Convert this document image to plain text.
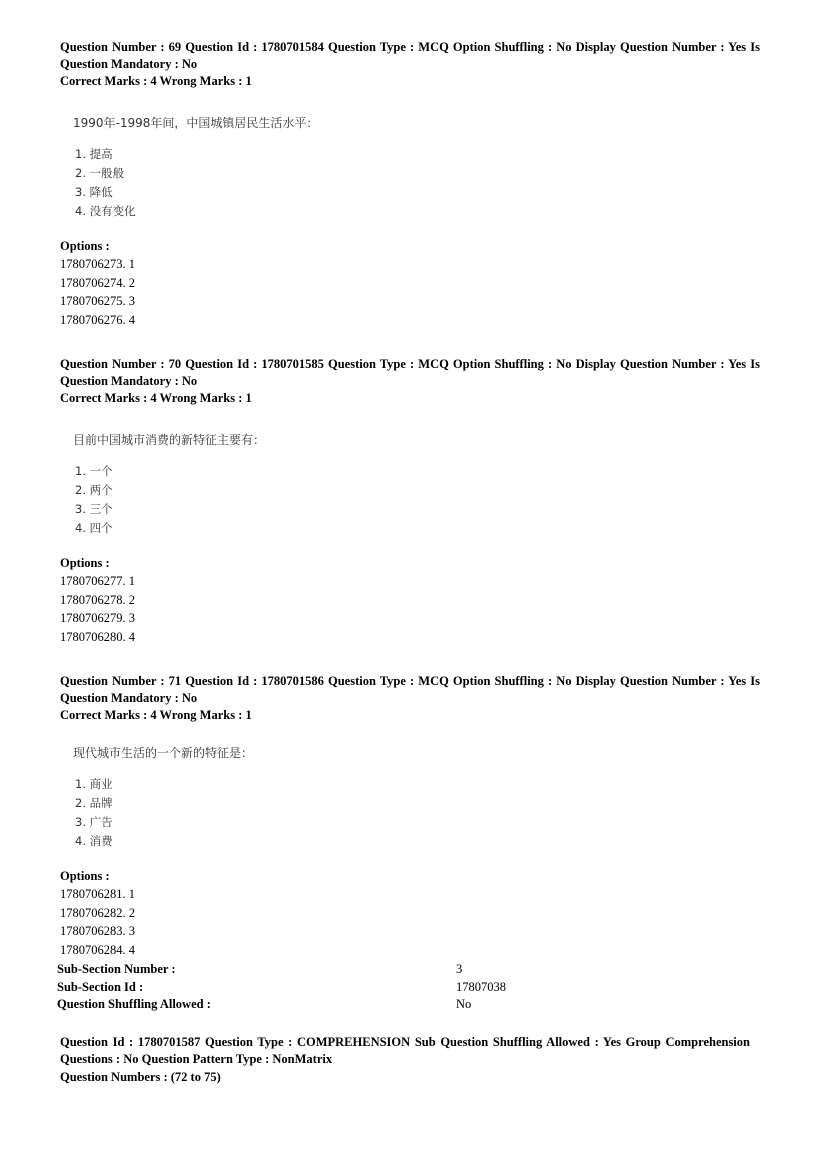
Question Number : 69 Question Id : 1780701584 Question Type : MCQ Option Shuffling : No Display Question Number : Yes Is Question Mandatory : No
Correct Marks : 4 Wrong Marks : 1
1990年-1998年间，中国城镇居民生活水平：
1. 提高
2. 一般般
3. 降低
4. 没有变化
Options :
1780706273. 1
1780706274. 2
1780706275. 3
1780706276. 4
Question Number : 70 Question Id : 1780701585 Question Type : MCQ Option Shuffling : No Display Question Number : Yes Is Question Mandatory : No
Correct Marks : 4 Wrong Marks : 1
目前中国城市消费的新特征主要有：
1. 一个
2. 两个
3. 三个
4. 四个
Options :
1780706277. 1
1780706278. 2
1780706279. 3
1780706280. 4
Question Number : 71 Question Id : 1780701586 Question Type : MCQ Option Shuffling : No Display Question Number : Yes Is Question Mandatory : No
Correct Marks : 4 Wrong Marks : 1
现代城市生活的一个新的特征是：
1. 商业
2. 品牌
3. 广告
4. 消费
Options :
1780706281. 1
1780706282. 2
1780706283. 3
1780706284. 4
Sub-Section Number :	3
Sub-Section Id :	17807038
Question Shuffling Allowed :	No
Question Id : 1780701587 Question Type : COMPREHENSION Sub Question Shuffling Allowed : Yes Group Comprehension Questions : No Question Pattern Type : NonMatrix
Question Numbers : (72 to 75)
